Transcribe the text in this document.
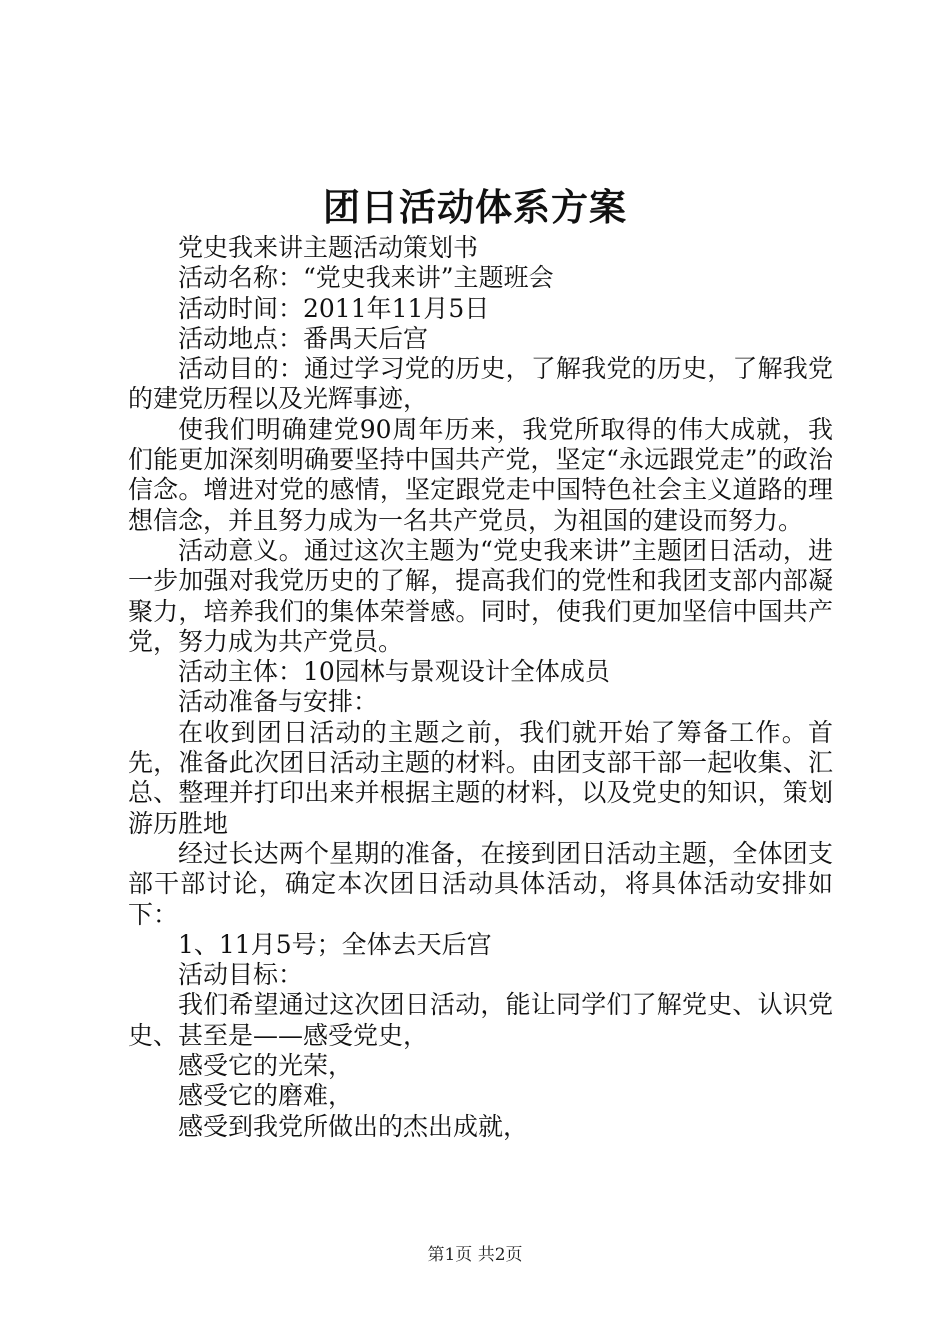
团日活动体系方案

党史我来讲主题活动策划书

活动名称：“党史我来讲”主题班会

活动时间：2011年11月5日

活动地点：番禺天后宫

活动目的：通过学习党的历史，了解我党的历史，了解我党的建党历程以及光辉事迹，

使我们明确建党90周年历来，我党所取得的伟大成就，我们能更加深刻明确要坚持中国共产党，坚定“永远跟党走”的政治信念。增进对党的感情，坚定跟党走中国特色社会主义道路的理想信念，并且努力成为一名共产党员，为祖国的建设而努力。

活动意义。通过这次主题为“党史我来讲”主题团日活动，进一步加强对我党历史的了解，提高我们的党性和我团支部内部凝聚力，培养我们的集体荣誉感。同时，使我们更加坚信中国共产党，努力成为共产党员。

活动主体：10园林与景观设计全体成员

活动准备与安排：

在收到团日活动的主题之前，我们就开始了筹备工作。首先，准备此次团日活动主题的材料。由团支部干部一起收集、汇总、整理并打印出来并根据主题的材料，以及党史的知识，策划游历胜地

经过长达两个星期的准备，在接到团日活动主题，全体团支部干部讨论，确定本次团日活动具体活动，将具体活动安排如下：

1、11月5号；全体去天后宫

活动目标：

我们希望通过这次团日活动，能让同学们了解党史、认识党史、甚至是——感受党史，

感受它的光荣，

感受它的磨难，

感受到我党所做出的杰出成就，

第1页 共2页
